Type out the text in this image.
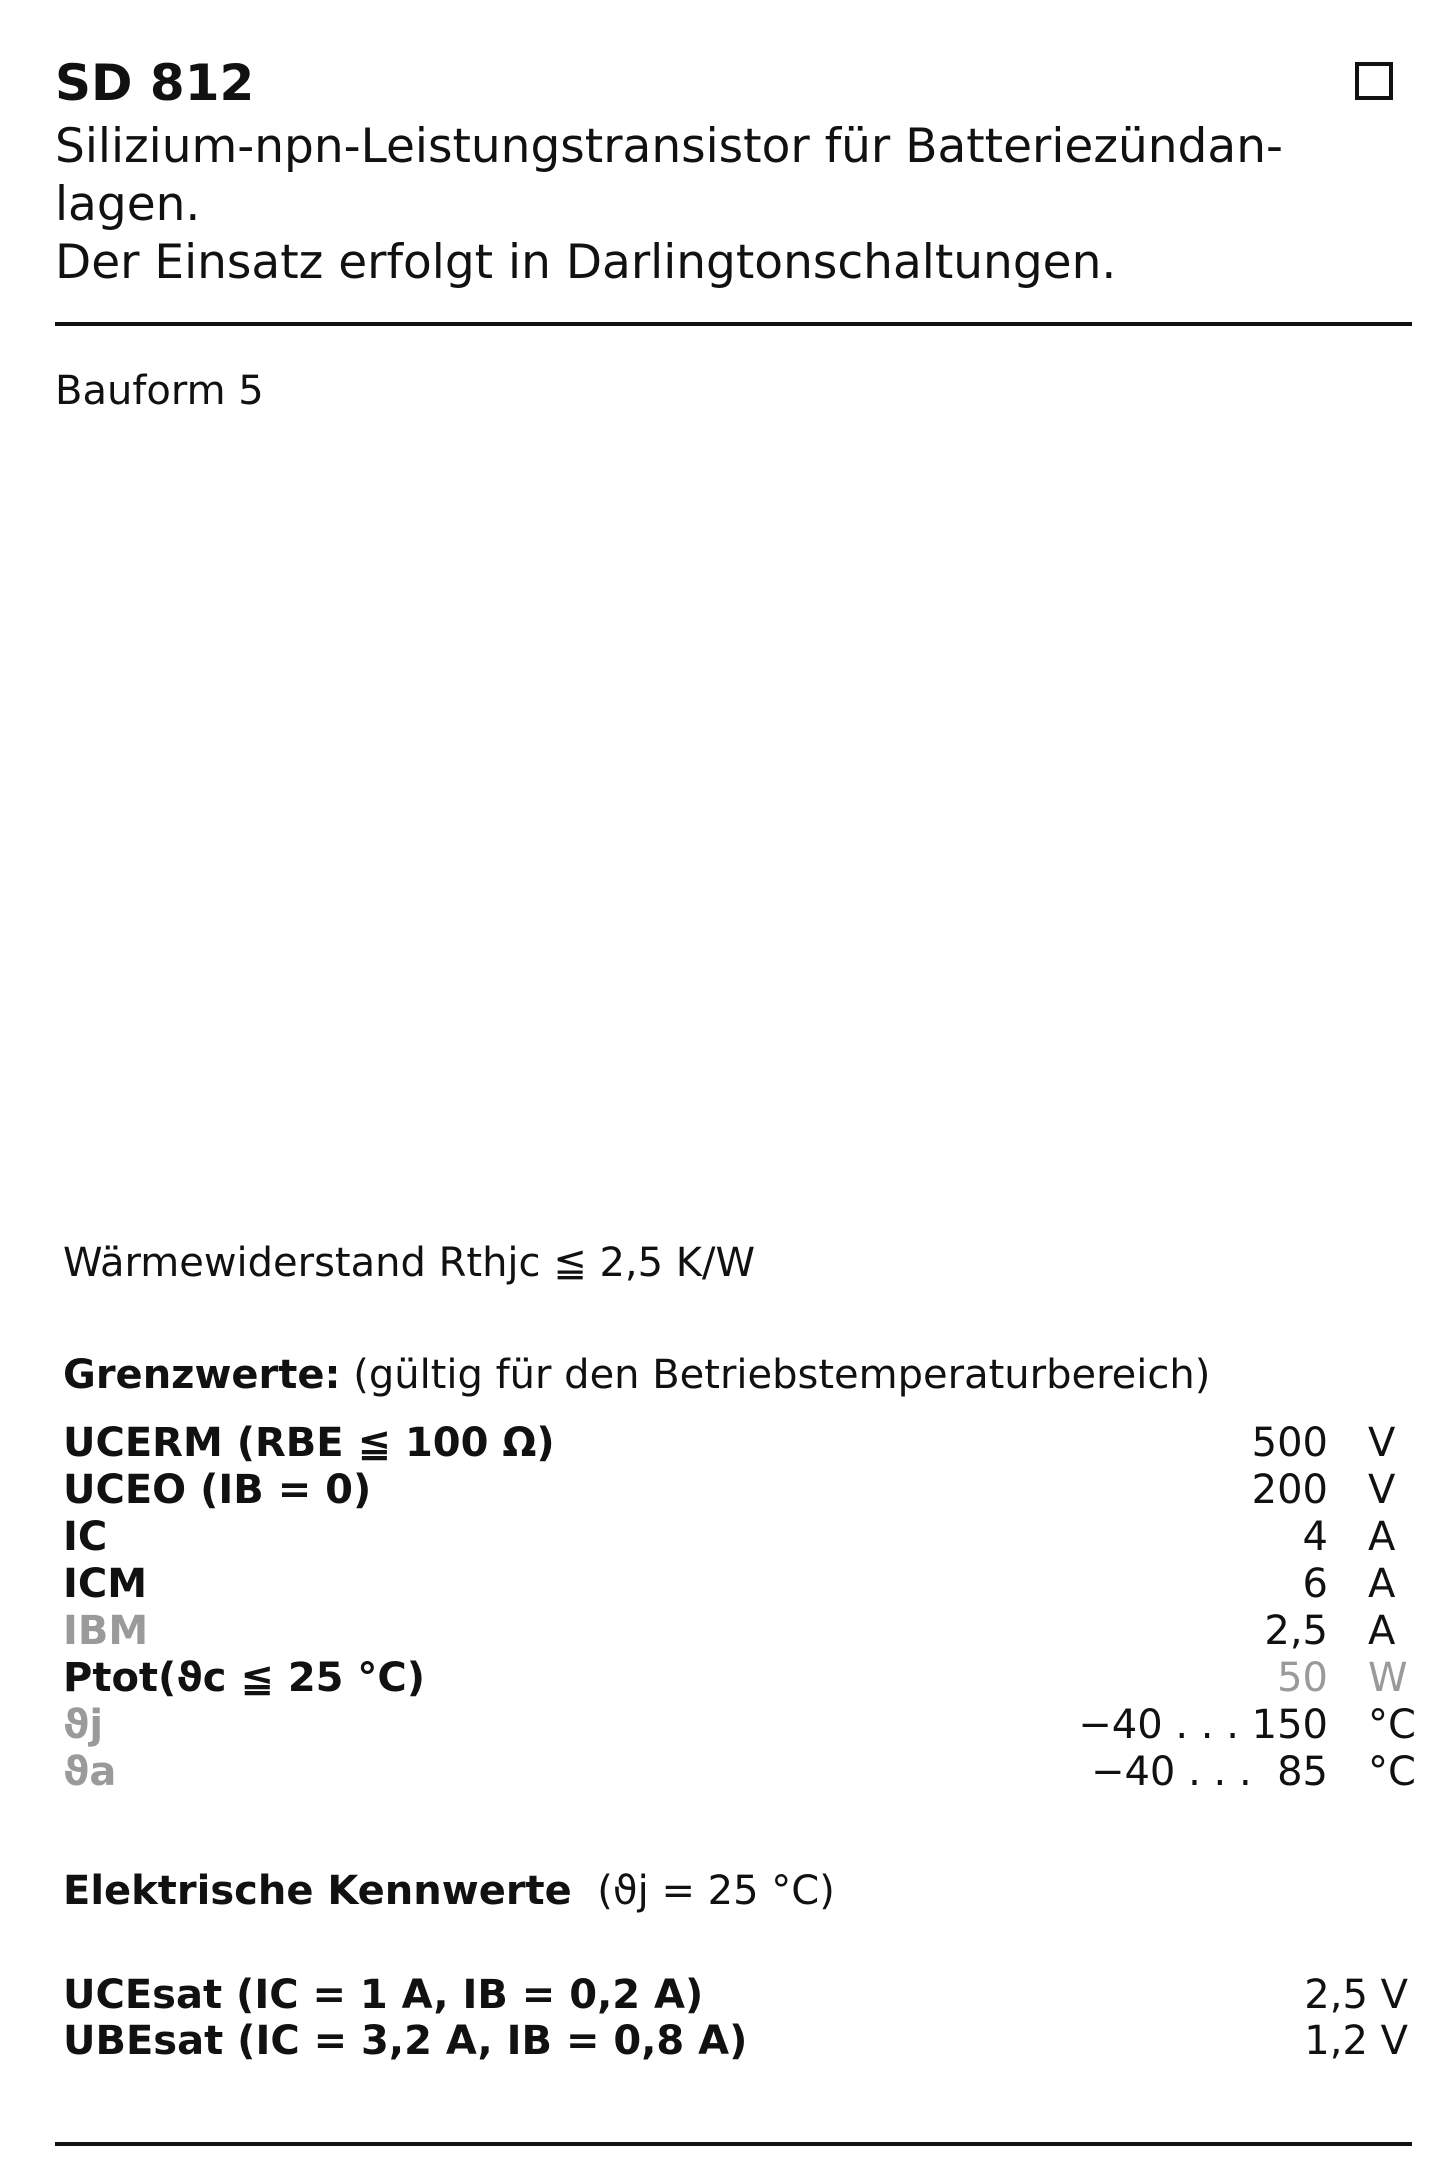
SD 812
Silizium-npn-Leistungstransistor für Batteriezündan-
lagen.
Der Einsatz erfolgt in Darlingtonschaltungen.
Bauform 5
Wärmewiderstand Rthjc ≦ 2,5 K/W
Grenzwerte: (gültig für den Betriebstemperaturbereich)
UCERM (RBE ≦ 100 Ω)	500 V
UCEO (IB = 0)	200 V
IC	4 A
ICM	6 A
IBM	2,5 A
Ptot(ϑc ≦ 25 °C)	50 W
ϑj	−40 . . . 150 °C
ϑa	−40 . . .  85 °C
Elektrische Kennwerte (ϑj = 25 °C)
UCEsat (IC = 1 A, IB = 0,2 A)	2,5 V
UBEsat (IC = 3,2 A, IB = 0,8 A)	1,2 V
